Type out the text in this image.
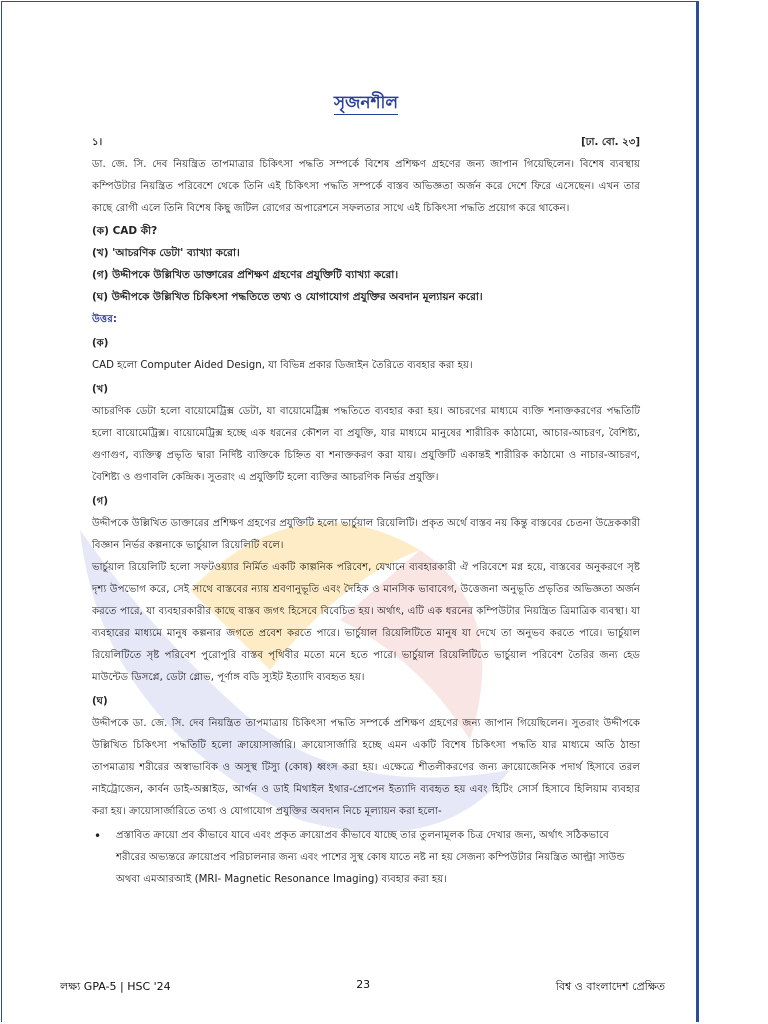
সৃজনশীল
১।	[ঢা. বো. ২৩]

ডা. জে. সি. দেব নিয়ন্ত্রিত তাপমাত্রার চিকিৎসা পদ্ধতি সম্পর্কে বিশেষ প্রশিক্ষণ গ্রহণের জন্য জাপান গিয়েছিলেন। বিশেষ ব্যবস্থায় কম্পিউটার নিয়ন্ত্রিত পরিবেশে থেকে তিনি এই চিকিৎসা পদ্ধতি সম্পর্কে বাস্তব অভিজ্ঞতা অর্জন করে দেশে ফিরে এসেছেন। এখন তার কাছে রোগী এলে তিনি বিশেষ কিছু জটিল রোগের অপারেশনে সফলতার সাথে এই চিকিৎসা পদ্ধতি প্রয়োগ করে থাকেন।

(ক) CAD কী?

(খ) 'আচরণিক ডেটা' ব্যাখ্যা করো।

(গ) উদ্দীপকে উল্লিখিত ডাক্তারের প্রশিক্ষণ গ্রহণের প্রযুক্তিটি ব্যাখ্যা করো।

(ঘ) উদ্দীপকে উল্লিখিত চিকিৎসা পদ্ধতিতে তথ্য ও যোগাযোগ প্রযুক্তির অবদান মূল্যায়ন করো।

উত্তর:

(ক)

CAD হলো Computer Aided Design, যা বিভিন্ন প্রকার ডিজাইন তৈরিতে ব্যবহার করা হয়।

(খ)

আচরণিক ডেটা হলো বায়োমেট্রিক্স ডেটা, যা বায়োমেট্রিক্স পদ্ধতিতে ব্যবহার করা হয়। আচরণের মাধ্যমে ব্যক্তি শনাক্তকরণের পদ্ধতিটি হলো বায়োমেট্রিক্স। বায়োমেট্রিক্স হচ্ছে এক ধরনের কৌশল বা প্রযুক্তি, যার মাধ্যমে মানুষের শারীরিক কাঠামো, আচার-আচরণ, বৈশিষ্ট্য, গুণাগুণ, ব্যক্তিত্ব প্রভৃতি দ্বারা নির্দিষ্ট ব্যক্তিকে চিহ্নিত বা শনাক্তকরণ করা যায়। প্রযুক্তিটি একান্তই শারীরিক কাঠামো ও নাচার-আচরণ, বৈশিষ্ট্য ও গুণাবলি কেন্দ্রিক। সুতরাং এ প্রযুক্তিটি হলো ব্যক্তির আচরণিক নির্ভর প্রযুক্তি।

(গ)

উদ্দীপকে উল্লিখিত ডাক্তারের প্রশিক্ষণ গ্রহণের প্রযুক্তিটি হলো ভার্চুয়াল রিয়েলিটি। প্রকৃত অর্থে বাস্তব নয় কিন্তু বাস্তবের চেতনা উদ্রেককারী বিজ্ঞান নির্ভর কল্পনাকে ভার্চুয়াল রিয়েলিটি বলে।

ভার্চুয়াল রিয়েলিটি হলো সফটওয়্যার নির্মিত একটি কাল্পনিক পরিবেশ, যেখানে ব্যবহারকারী ঐ পরিবেশে মগ্ন হয়ে, বাস্তবের অনুকরণে সৃষ্ট দৃশ্য উপভোগ করে, সেই সাথে বাস্তবের ন্যায় শ্রবণানুভূতি এবং দৈহিক ও মানসিক ভাবাবেগ, উত্তেজনা অনুভূতি প্রভৃতির অভিজ্ঞতা অর্জন করতে পারে, যা ব্যবহারকারীর কাছে বাস্তব জগৎ হিসেবে বিবেচিত হয়। অর্থাৎ, এটি এক ধরনের কম্পিউটার নিয়ন্ত্রিত ত্রিমাত্রিক ব্যবস্থা। যা ব্যবহারের মাধ্যমে মানুষ কল্পনার জগতে প্রবেশ করতে পারে। ভার্চুয়াল রিয়েলিটিতে মানুষ যা দেখে তা অনুভব করতে পারে। ভার্চুয়াল রিয়েলিটিতে সৃষ্ট পরিবেশ পুরোপুরি বাস্তব পৃথিবীর মতো মনে হতে পারে। ভার্চুয়াল রিয়েলিটিতে ভার্চুয়াল পরিবেশ তৈরির জন্য হেড মাউন্টেড ডিসপ্লে, ডেটা গ্লোভ, পূর্ণাঙ্গ বডি স্যুইট ইত্যাদি ব্যবহৃত হয়।

(ঘ)

উদ্দীপকে ডা. জে. সি. দেব নিয়ন্ত্রিত তাপমাত্রায় চিকিৎসা পদ্ধতি সম্পর্কে প্রশিক্ষণ গ্রহণের জন্য জাপান গিয়েছিলেন। সুতরাং উদ্দীপকে উল্লিখিত চিকিৎসা পদ্ধতিটি হলো ক্রায়োসার্জারি। ক্রায়োসার্জারি হচ্ছে এমন একটি বিশেষ চিকিৎসা পদ্ধতি যার মাধ্যমে অতি ঠান্ডা তাপমাত্রায় শরীরের অস্বাভাবিক ও অসুস্থ টিস্যু (কোষ) ধ্বংস করা হয়। এক্ষেত্রে শীতলীকরণের জন্য ক্রায়োজেনিক পদার্থ হিসাবে তরল নাইট্রোজেন, কার্বন ডাই-অক্সাইড, আর্গন ও ডাই মিথাইল ইথার-প্রোপেন ইত্যাদি ব্যবহৃত হয় এবং হিটিং সোর্স হিসাবে হিলিয়াম ব্যবহার করা হয়। ক্রায়োসার্জারিতে তথ্য ও যোগাযোগ প্রযুক্তির অবদান নিচে মূল্যায়ন করা হলো-

•	প্রস্তাবিত ক্রায়ো প্রব কীভাবে যাবে এবং প্রকৃত ক্রায়োপ্রব কীভাবে যাচ্ছে তার তুলনামূলক চিত্র দেখার জন্য, অর্থাৎ সঠিকভাবে শরীরের অভ্যন্তরে ক্রায়োপ্রব পরিচালনার জন্য এবং পাশের সুস্থ কোষ যাতে নষ্ট না হয় সেজন্য কম্পিউটার নিয়ন্ত্রিত আল্ট্রা সাউন্ড অথবা এমআরআই (MRI- Magnetic Resonance Imaging) ব্যবহার করা হয়।
লক্ষ্য GPA-5 | HSC '24	23	বিশ্ব ও বাংলাদেশ প্রেক্ষিত
